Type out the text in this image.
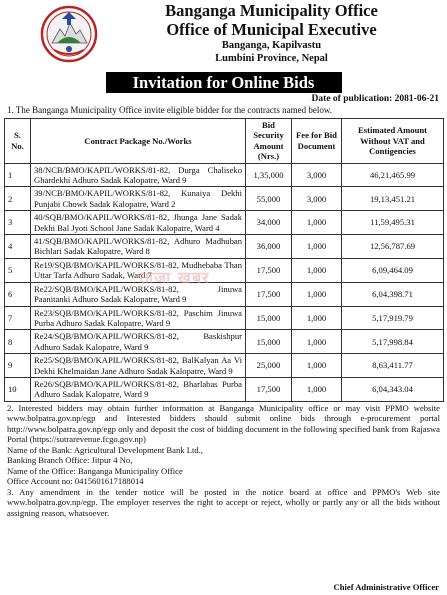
Banganga Municipality Office
Office of Municipal Executive
Banganga, Kapilvastu
Lumbini Province, Nepal
Invitation for Online Bids
Date of publication: 2081-06-21
1. The Banganga Municipality Office invite eligible bidder for the contracts named below.
S. No.	Contract Package No./Works	Bid Security Amount (Nrs.)	Fee for Bid Document	Estimated Amount Without VAT and Contigencies
1	38/NCB/BMO/KAPIL/WORKS/81-82, Durga Chaliseko Ghardekhi Adhuro Sadak Kalopatre, Ward 9	1,35,000	3,000	46,21,465.99
2	39/NCB/BMO/KAPIL/WORKS/81-82, Kunaiya Dekhi Punjabi Chowk Sadak Kalopatre, Ward 2	55,000	3,000	19,13,451.21
3	40/SQB/BMO/KAPIL/WORKS/81-82, Jhunga Jane Sadak Dekhi Bal Jyoti School Jane Sadak Kalopatre, Ward 4	34,000	1,000	11,59,495.31
4	41/SQB/BMO/KAPIL/WORKS/81-82, Adhuro Madhuban Bichlari Sadak Kalopatre, Ward 8	36,000	1,000	12,56,787.69
5	Re19/SQB/BMO/KAPIL/WORKS/81-82, Mudhebaba Than Uttar Tarfa Adhuro Sadak, Ward 7	17,500	1,000	6,09,464.09
6	Re22/SQB/BMO/KAPIL/WORKS/81-82, Jinuwa Paanitanki Adhuro Sadak Kalopatre, Ward 9	17,500	1,000	6,04,398.71
7	Re23/SQB/BMO/KAPIL/WORKS/81-82, Paschim Jinuwa Purba Adhuro Sadak Kalopatre, Ward 9	15,000	1,000	5,17,919.79
8	Re24/SQB/BMO/KAPIL/WORKS/81-82, Baskishpur Adhuro Sadak Kalopatre, Ward 9	15,000	1,000	5,17,998.84
9	Re25/SQB/BMO/KAPIL/WORKS/81-82, BalKalyan Aa Vi Dekhi Khelmaidan Jane Adhuro Sadak Kalopatre, Ward 9	25,000	1,000	8,63,411.77
10	Re26/SQB/BMO/KAPIL/WORKS/81-82, Bharlabas Purba Adhuro Sadak Kalopatre, Ward 9	17,500	1,000	6,04,343.04
2. Interested bidders may obtain further information at Banganga Municipality office or may visit PPMO website www.bolpatra.gov.np/egp and Interested bidders should submit online bids through e-procurement portal http://www.bolpatra.gov.np/egp only and deposit the cost of bidding document in the following specified bank from Rajaswa Portal (https://sutrarevenue.fcgo.gov.np)
Name of the Bank: Agricultural Development Bank Ltd.,
Banking Branch Office: Jitpur 4 No,
Name of the Office: Banganga Municipality Office
Office Account no: 0415601617188014
3. Any amendment in the tender notice will be posted in the notice board at office and PPMO's Web site www.bolpatra.gov.np/egp. The employer reserves the right to accept or reject, wholly or partly any or all the bids without assigning reason, whatsoever.
Chief Administrative Officer
ताजा खबर
